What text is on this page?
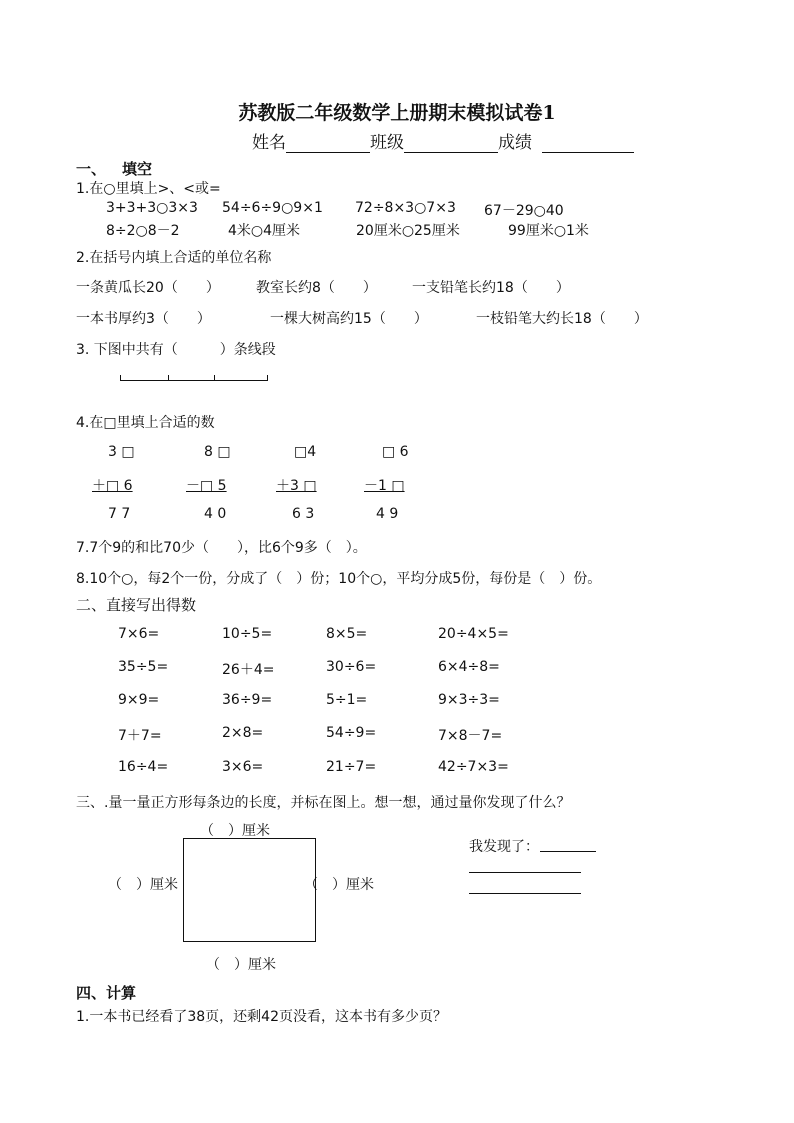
苏教版二年级数学上册期末模拟试卷1
姓名	班级	成绩
一、 填空
1.在○里填上>、<或=
3+3+3○3×3 54÷6÷9○9×1 72÷8×3○7×3 67－29○40
8÷2○8－2	4米○4厘米	20厘米○25厘米	99厘米○1米
2.在括号内填上合适的单位名称
一条黄瓜长20（　　）	教室长约8（　　）	一支铅笔长约18（　　）
一本书厚约3（　　）	一棵大树高约15（　　）	一枝铅笔大约长18（　　）
3. 下图中共有（　　　）条线段
4.在□里填上合适的数
3 □	8 □	□4	□ 6
＋□ 6	－□ 5	＋3 □	－1 □
7 7	4 0	6 3	4 9
7.7个9的和比70少（　　），比6个9多（　）。
8.10个○，每2个一份，分成了（　）份；10个○，平均分成5份，每份是（　）份。
二、直接写出得数
7×6=	10÷5=	8×5=	20÷4×5=
35÷5=	26＋4=	30÷6=	6×4÷8=
9×9=	36÷9=	5÷1=	9×3÷3=
7＋7=	2×8=	54÷9=	7×8－7=
16÷4=	3×6=	21÷7=	42÷7×3=
三、.量一量正方形每条边的长度，并标在图上。想一想，通过量你发现了什么？
（　）厘米
（　）厘米	（　）厘米
（　）厘米
我发现了：
四、计算
1.一本书已经看了38页，还剩42页没看，这本书有多少页？
